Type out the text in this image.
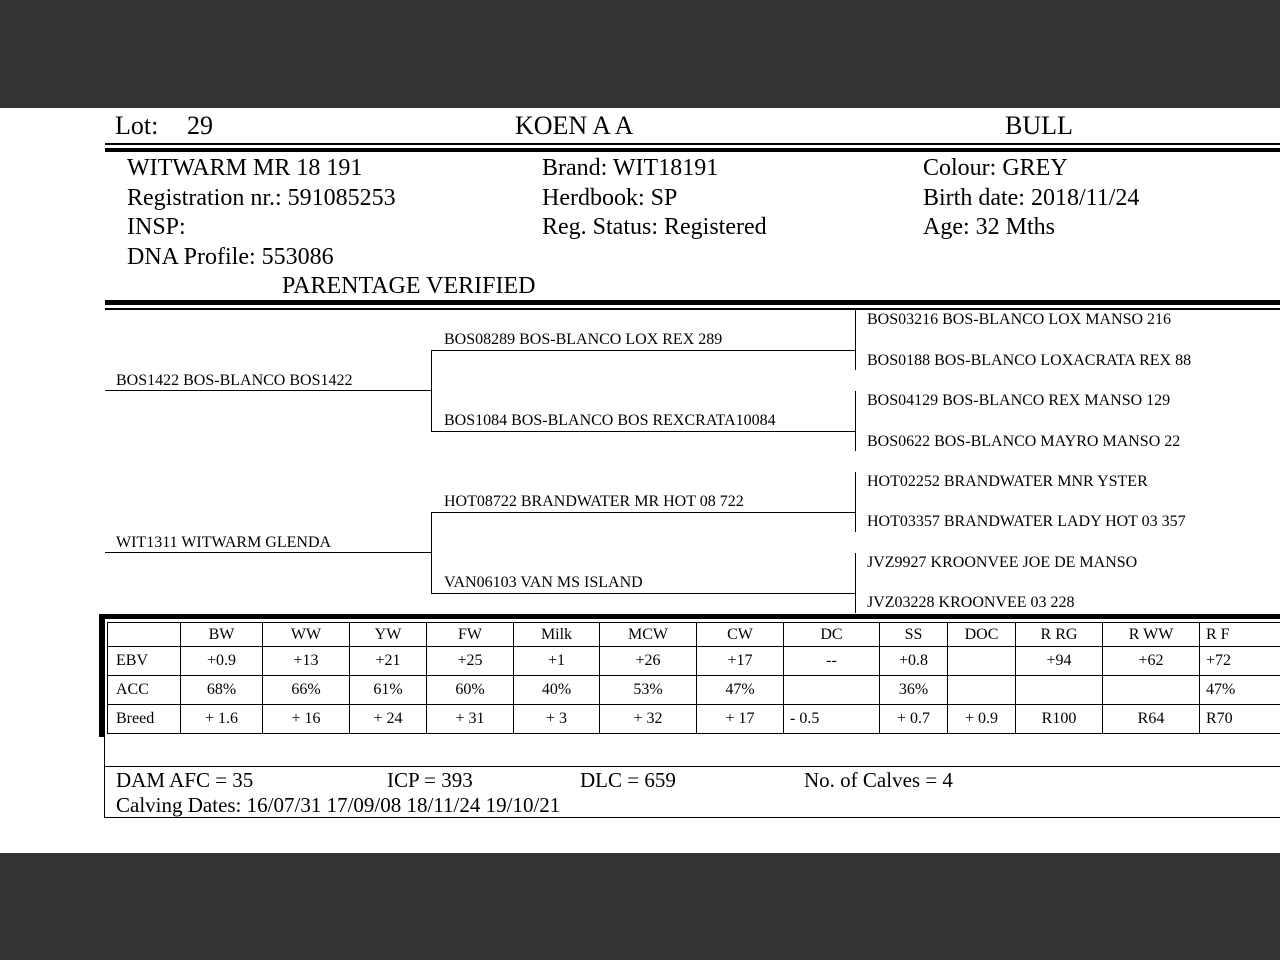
Lot: 29	KOEN A A	BULL
WITWARM MR 18 191
Registration nr.: 591085253
INSP:
DNA Profile: 553086
Brand: WIT18191
Herdbook: SP
Reg. Status: Registered
Colour: GREY
Birth date: 2018/11/24
Age: 32 Mths
PARENTAGE VERIFIED
BOS1422 BOS-BLANCO BOS1422
WIT1311 WITWARM GLENDA
BOS08289 BOS-BLANCO LOX REX 289
BOS1084 BOS-BLANCO BOS REXCRATA10084
HOT08722 BRANDWATER MR HOT 08 722
VAN06103 VAN MS ISLAND
BOS03216 BOS-BLANCO LOX MANSO 216
BOS0188 BOS-BLANCO LOXACRATA REX 88
BOS04129 BOS-BLANCO REX MANSO 129
BOS0622 BOS-BLANCO MAYRO MANSO 22
HOT02252 BRANDWATER MNR YSTER
HOT03357 BRANDWATER LADY HOT 03 357
JVZ9927 KROONVEE JOE DE MANSO
JVZ03228 KROONVEE 03 228
	BW	WW	YW	FW	Milk	MCW	CW	DC	SS	DOC	R RG	R WW	R F
EBV	+0.9	+13	+21	+25	+1	+26	+17	--	+0.8		+94	+62	+72
ACC	68%	66%	61%	60%	40%	53%	47%		36%				47%
Breed	+ 1.6	+ 16	+ 24	+ 31	+ 3	+ 32	+ 17	- 0.5	+ 0.7	+ 0.9	R100	R64	R70
DAM AFC = 35	ICP = 393	DLC = 659	No. of Calves = 4
Calving Dates: 16/07/31 17/09/08 18/11/24 19/10/21
